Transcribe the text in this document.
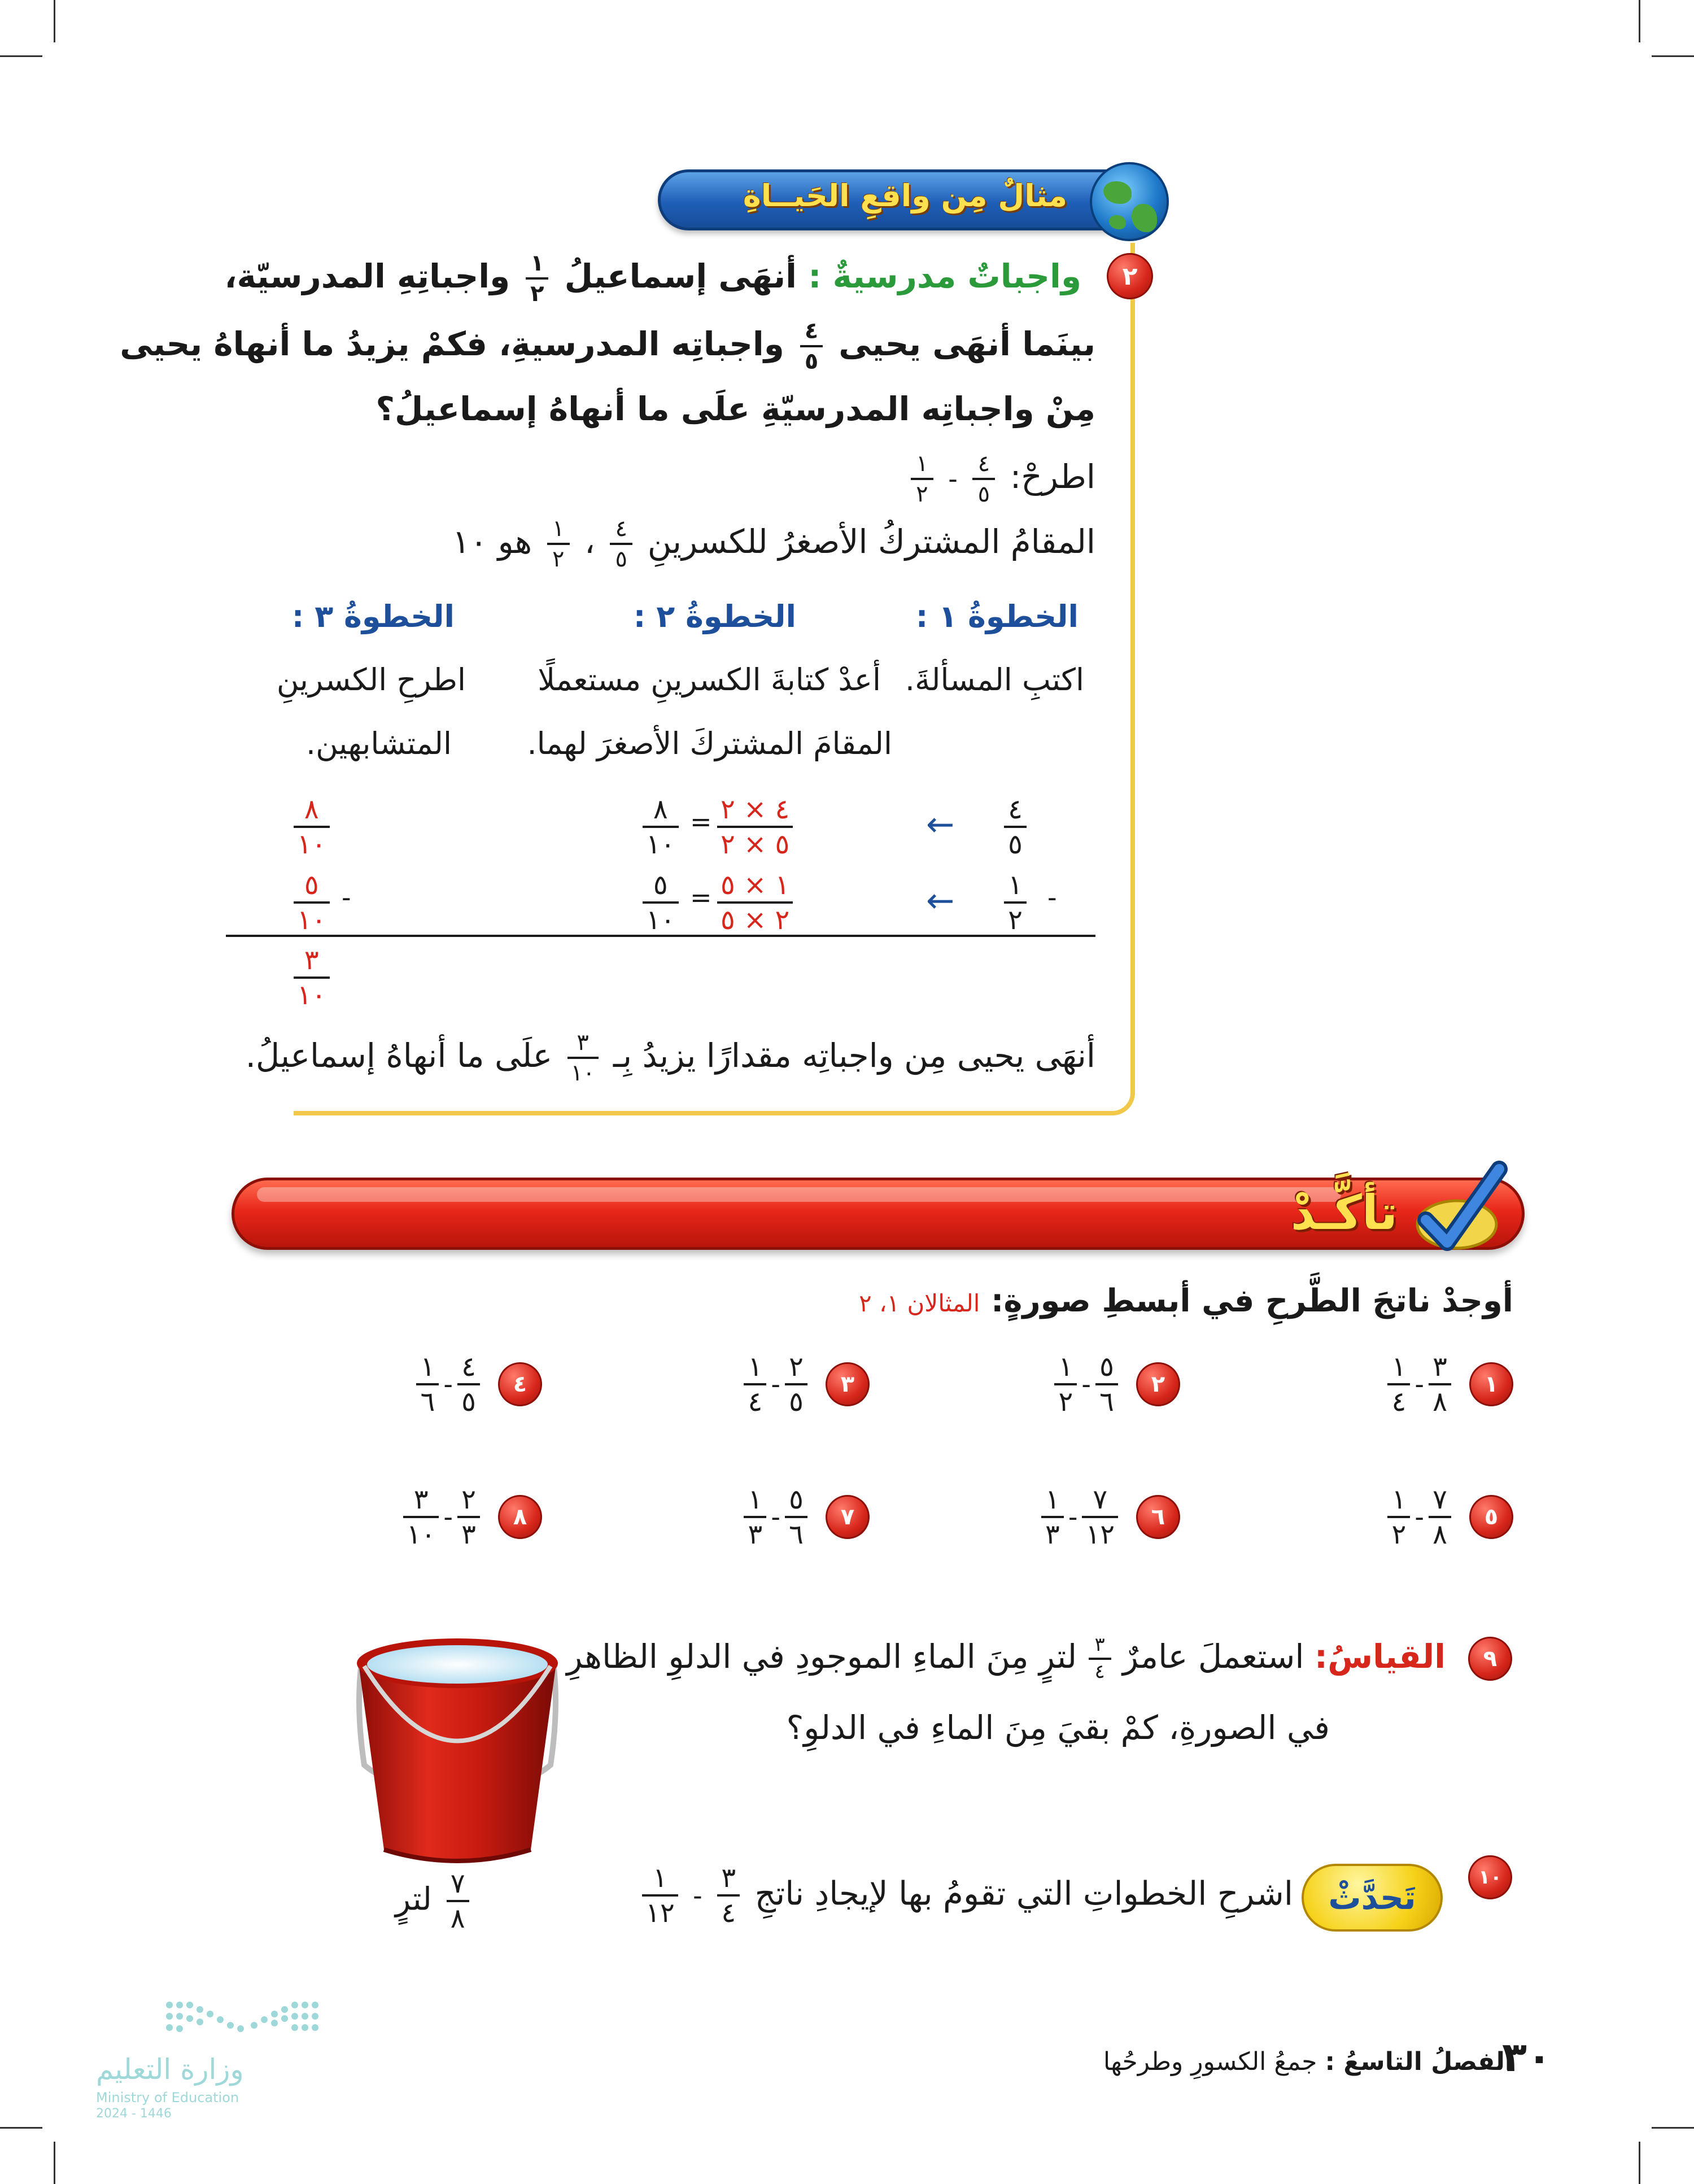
مثالٌ مِن واقعِ الحَيــاةِ
٢
واجباتٌ مدرسيةٌ : أنهَى إسماعيلُ
$\frac{١}{٢}$
واجباتِهِ المدرسيّة،
بينَما أنهَى يحيى
$\frac{٤}{٥}$
واجباتِه المدرسيةِ، فكمْ يزيدُ ما أنهاهُ يحيى
مِنْ واجباتِه المدرسيّةِ علَى ما أنهاهُ إسماعيلُ؟
اطرحْ:
$\frac{٤}{٥}$
-
$\frac{١}{٢}$
المقامُ المشتركُ الأصغرُ للكسرينِ
$\frac{٤}{٥}$
،
$\frac{١}{٢}$
هو ١٠
الخطوةُ ١ :
الخطوةُ ٢ :
الخطوةُ ٣ :
اكتبِ المسألةَ.
أعدْ كتابةَ الكسرينِ مستعملًا
المقامَ المشتركَ الأصغرَ لهما.
اطرحِ الكسرينِ
المتشابهين.
$\frac{٤}{٥}$
←
$\frac{١}{٢}$ -
←
$\frac{٨}{١٠} = \frac{٤ \times ٢}{٥ \times ٢}$
$\frac{٥}{١٠} = \frac{١ \times ٥}{٢ \times ٥}$
$\frac{٨}{١٠}$
$\frac{٥}{١٠}$ -
$\frac{٣}{١٠}$
أنهَى يحيى مِن واجباتِه مقدارًا يزيدُ بِـ
$\frac{٣}{١٠}$
علَى ما أنهاهُ إسماعيلُ.
تأكَّـدْ
أوجدْ ناتجَ الطَّرحِ في أبسطِ صورةٍ: المثالان ١، ٢
١
$\frac{٣}{٨}$
-
$\frac{١}{٤}$
٢
$\frac{٥}{٦}$
-
$\frac{١}{٢}$
٣
$\frac{٢}{٥}$
-
$\frac{١}{٤}$
٤
$\frac{٤}{٥}$
-
$\frac{١}{٦}$
٥
$\frac{٧}{٨}$
-
$\frac{١}{٢}$
٦
$\frac{٧}{١٢}$
-
$\frac{١}{٣}$
٧
$\frac{٥}{٦}$
-
$\frac{١}{٣}$
٨
$\frac{٢}{٣}$
-
$\frac{٣}{١٠}$
٩
القياسُ: استعملَ عامرٌ
$\frac{٣}{٤}$
لترٍ مِنَ الماءِ الموجودِ في الدلوِ الظاهرِ
في الصورةِ، كمْ بقيَ مِنَ الماءِ في الدلوِ؟
$\frac{٧}{٨}$
لترٍ
١٠
تَحدَّثْ
اشرحِ الخطواتِ التي تقومُ بها لإيجادِ ناتجِ
$\frac{٣}{٤}$
-
$\frac{١}{١٢}$
وزارة التعليم
Ministry of Education
2024 - 1446
الفصلُ التاسعُ : جمعُ الكسورِ وطرحُها	٣٠
